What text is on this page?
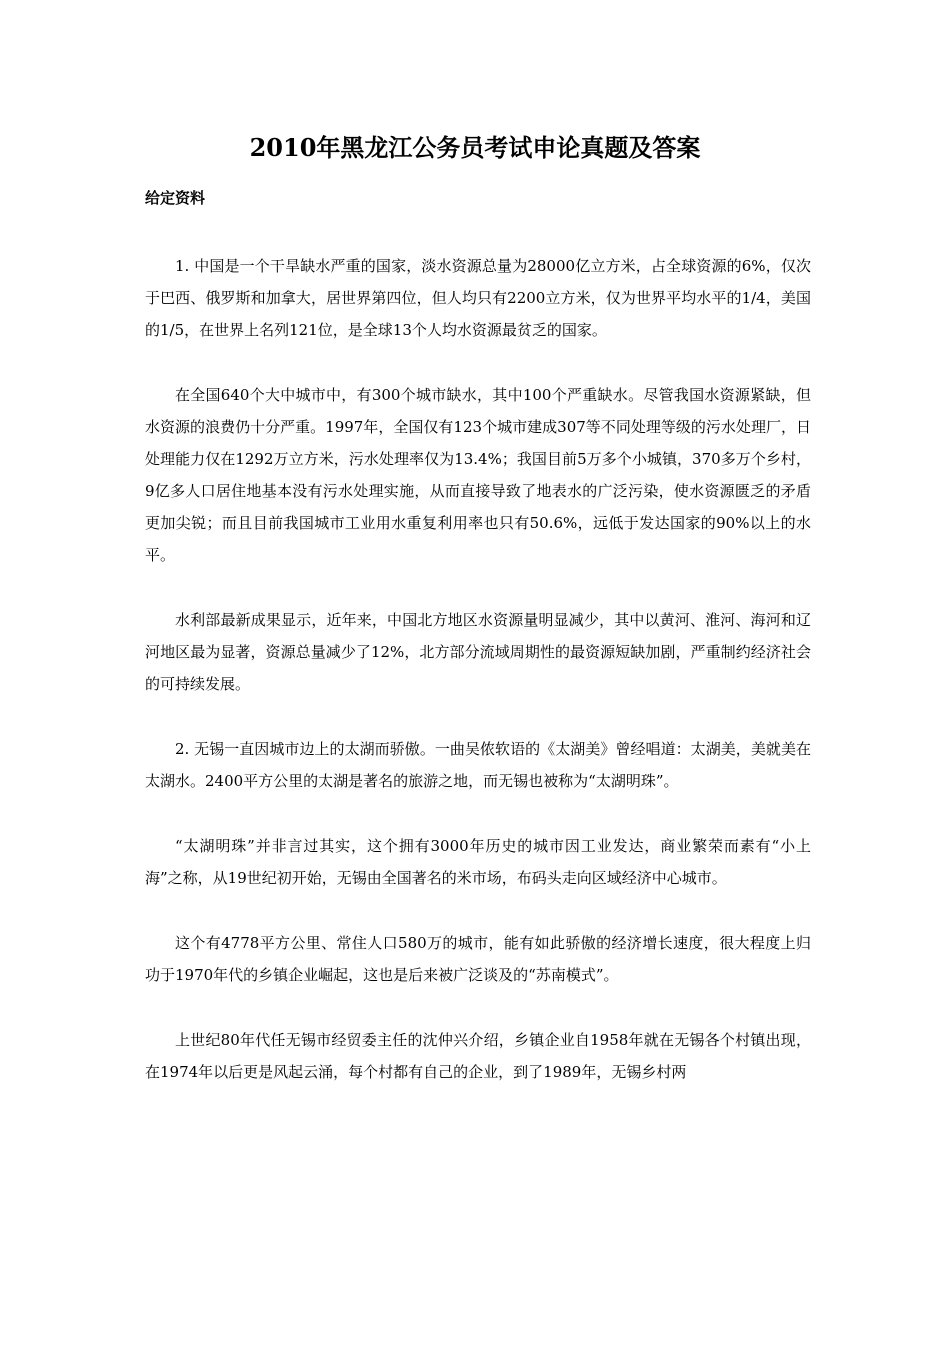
2010年黑龙江公务员考试申论真题及答案
给定资料

1. 中国是一个干旱缺水严重的国家，淡水资源总量为28000亿立方米，占全球资源的6%，仅次于巴西、俄罗斯和加拿大，居世界第四位，但人均只有2200立方米，仅为世界平均水平的1/4，美国的1/5，在世界上名列121位，是全球13个人均水资源最贫乏的国家。

在全国640个大中城市中，有300个城市缺水，其中100个严重缺水。尽管我国水资源紧缺，但水资源的浪费仍十分严重。1997年，全国仅有123个城市建成307等不同处理等级的污水处理厂，日处理能力仅在1292万立方米，污水处理率仅为13.4%；我国目前5万多个小城镇，370多万个乡村，9亿多人口居住地基本没有污水处理实施，从而直接导致了地表水的广泛污染，使水资源匮乏的矛盾更加尖锐；而且目前我国城市工业用水重复利用率也只有50.6%，远低于发达国家的90%以上的水平。

水利部最新成果显示，近年来，中国北方地区水资源量明显减少，其中以黄河、淮河、海河和辽河地区最为显著，资源总量减少了12%，北方部分流域周期性的最资源短缺加剧，严重制约经济社会的可持续发展。

2. 无锡一直因城市边上的太湖而骄傲。一曲吴侬软语的《太湖美》曾经唱道：太湖美，美就美在太湖水。2400平方公里的太湖是著名的旅游之地，而无锡也被称为“太湖明珠”。

“太湖明珠”并非言过其实，这个拥有3000年历史的城市因工业发达，商业繁荣而素有“小上海”之称，从19世纪初开始，无锡由全国著名的米市场，布码头走向区域经济中心城市。

这个有4778平方公里、常住人口580万的城市，能有如此骄傲的经济增长速度，很大程度上归功于1970年代的乡镇企业崛起，这也是后来被广泛谈及的“苏南模式”。

上世纪80年代任无锡市经贸委主任的沈仲兴介绍，乡镇企业自1958年就在无锡各个村镇出现，在1974年以后更是风起云涌，每个村都有自己的企业，到了1989年，无锡乡村两
